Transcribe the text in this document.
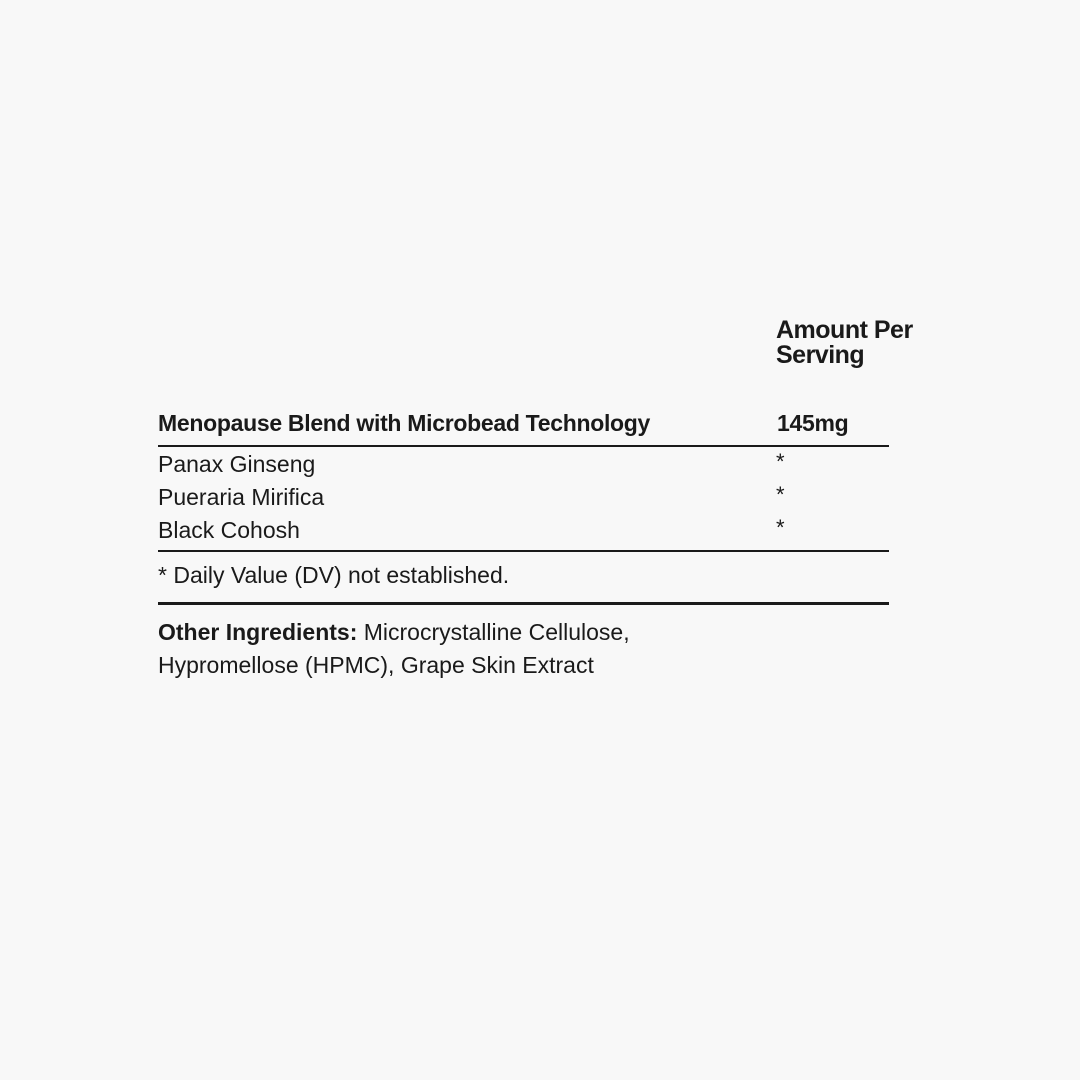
Amount Per
Serving
Menopause Blend with Microbead Technology	145mg
Panax Ginseng	*
Pueraria Mirifica	*
Black Cohosh	*
* Daily Value (DV) not established.
Other Ingredients: Microcrystalline Cellulose, Hypromellose (HPMC), Grape Skin Extract
